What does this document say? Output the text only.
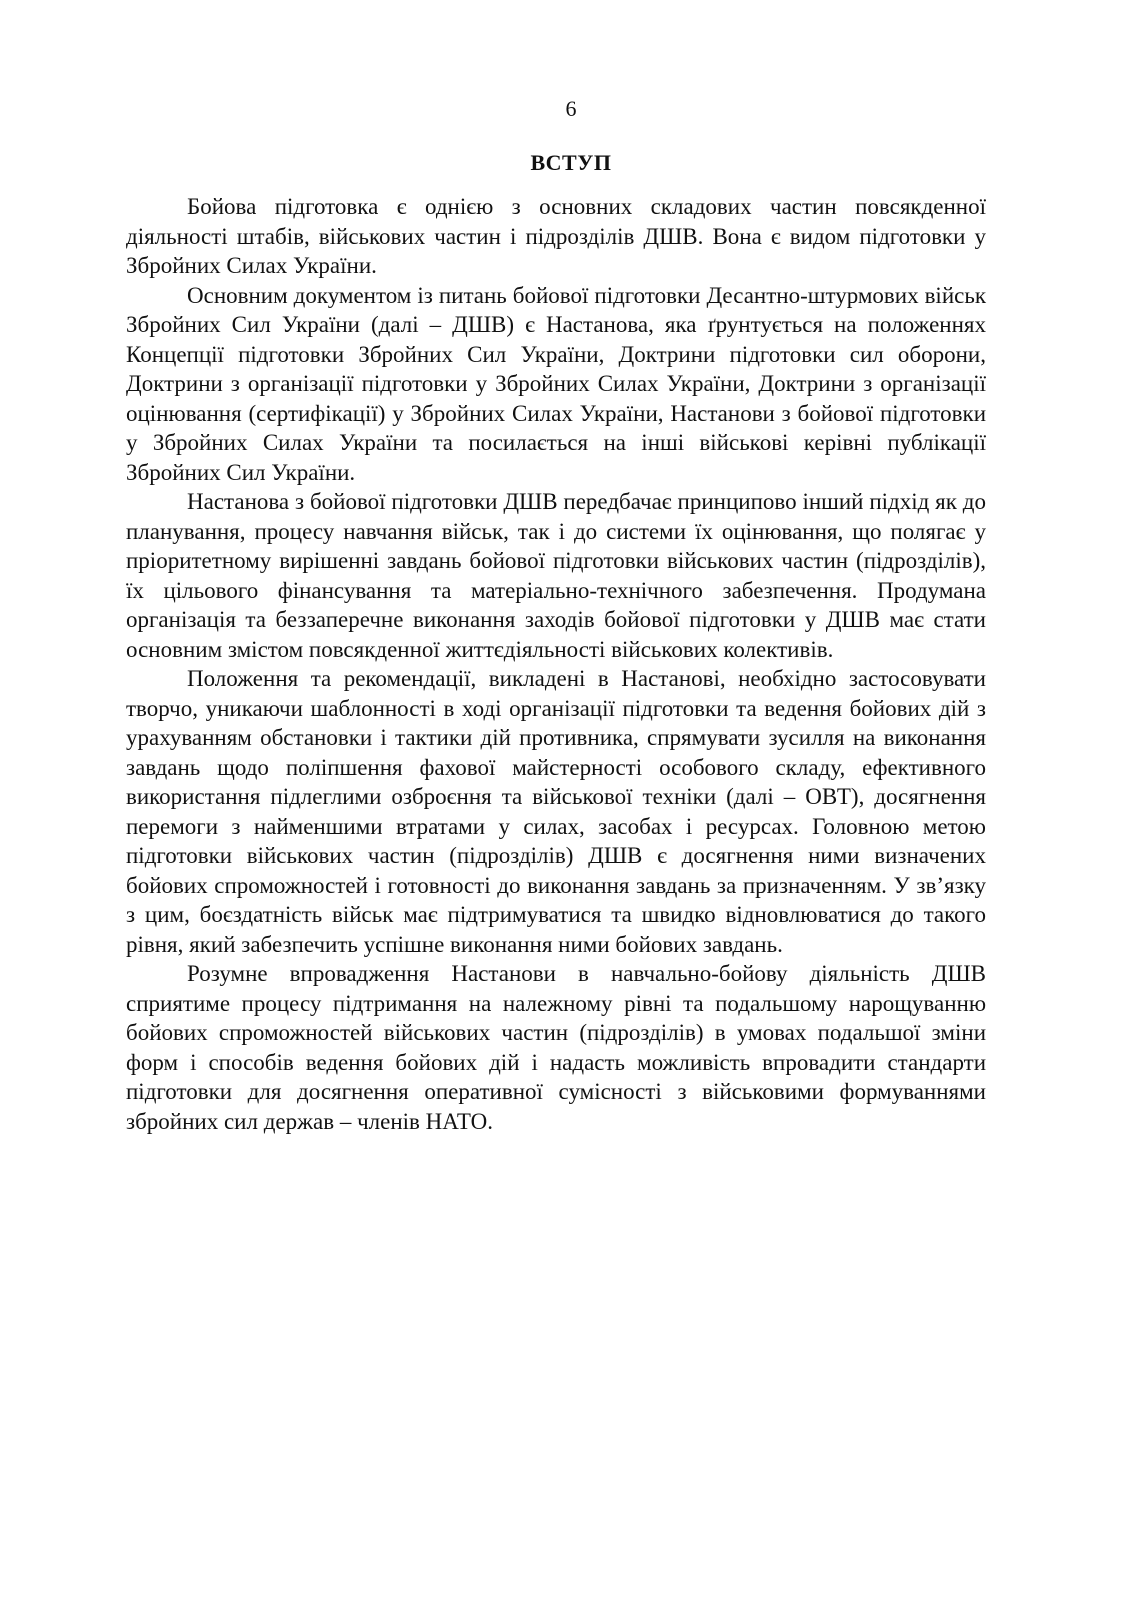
6
ВСТУП

Бойова підготовка є однією з основних складових частин повсякденної діяльності штабів, військових частин і підрозділів ДШВ. Вона є видом підготовки у Збройних Силах України.

Основним документом із питань бойової підготовки Десантно-штурмових військ Збройних Сил України (далі – ДШВ) є Настанова, яка ґрунтується на положеннях Концепції підготовки Збройних Сил України, Доктрини підготовки сил оборони, Доктрини з організації підготовки у Збройних Силах України, Доктрини з організації оцінювання (сертифікації) у Збройних Силах України, Настанови з бойової підготовки у Збройних Силах України та посилається на інші військові керівні публікації Збройних Сил України.

Настанова з бойової підготовки ДШВ передбачає принципово інший підхід як до планування, процесу навчання військ, так і до системи їх оцінювання, що полягає у пріоритетному вирішенні завдань бойової підготовки військових частин (підрозділів), їх цільового фінансування та матеріально-технічного забезпечення. Продумана організація та беззаперечне виконання заходів бойової підготовки у ДШВ має стати основним змістом повсякденної життєдіяльності військових колективів.

Положення та рекомендації, викладені в Настанові, необхідно застосовувати творчо, уникаючи шаблонності в ході організації підготовки та ведення бойових дій з урахуванням обстановки і тактики дій противника, спрямувати зусилля на виконання завдань щодо поліпшення фахової майстерності особового складу, ефективного використання підлеглими озброєння та військової техніки (далі – ОВТ), досягнення перемоги з найменшими втратами у силах, засобах і ресурсах. Головною метою підготовки військових частин (підрозділів) ДШВ є досягнення ними визначених бойових спроможностей і готовності до виконання завдань за призначенням. У зв’язку з цим, боєздатність військ має підтримуватися та швидко відновлюватися до такого рівня, який забезпечить успішне виконання ними бойових завдань.

Розумне впровадження Настанови в навчально-бойову діяльність ДШВ сприятиме процесу підтримання на належному рівні та подальшому нарощуванню бойових спроможностей військових частин (підрозділів) в умовах подальшої зміни форм і способів ведення бойових дій і надасть можливість впровадити стандарти підготовки для досягнення оперативної сумісності з військовими формуваннями збройних сил держав – членів НАТО.
